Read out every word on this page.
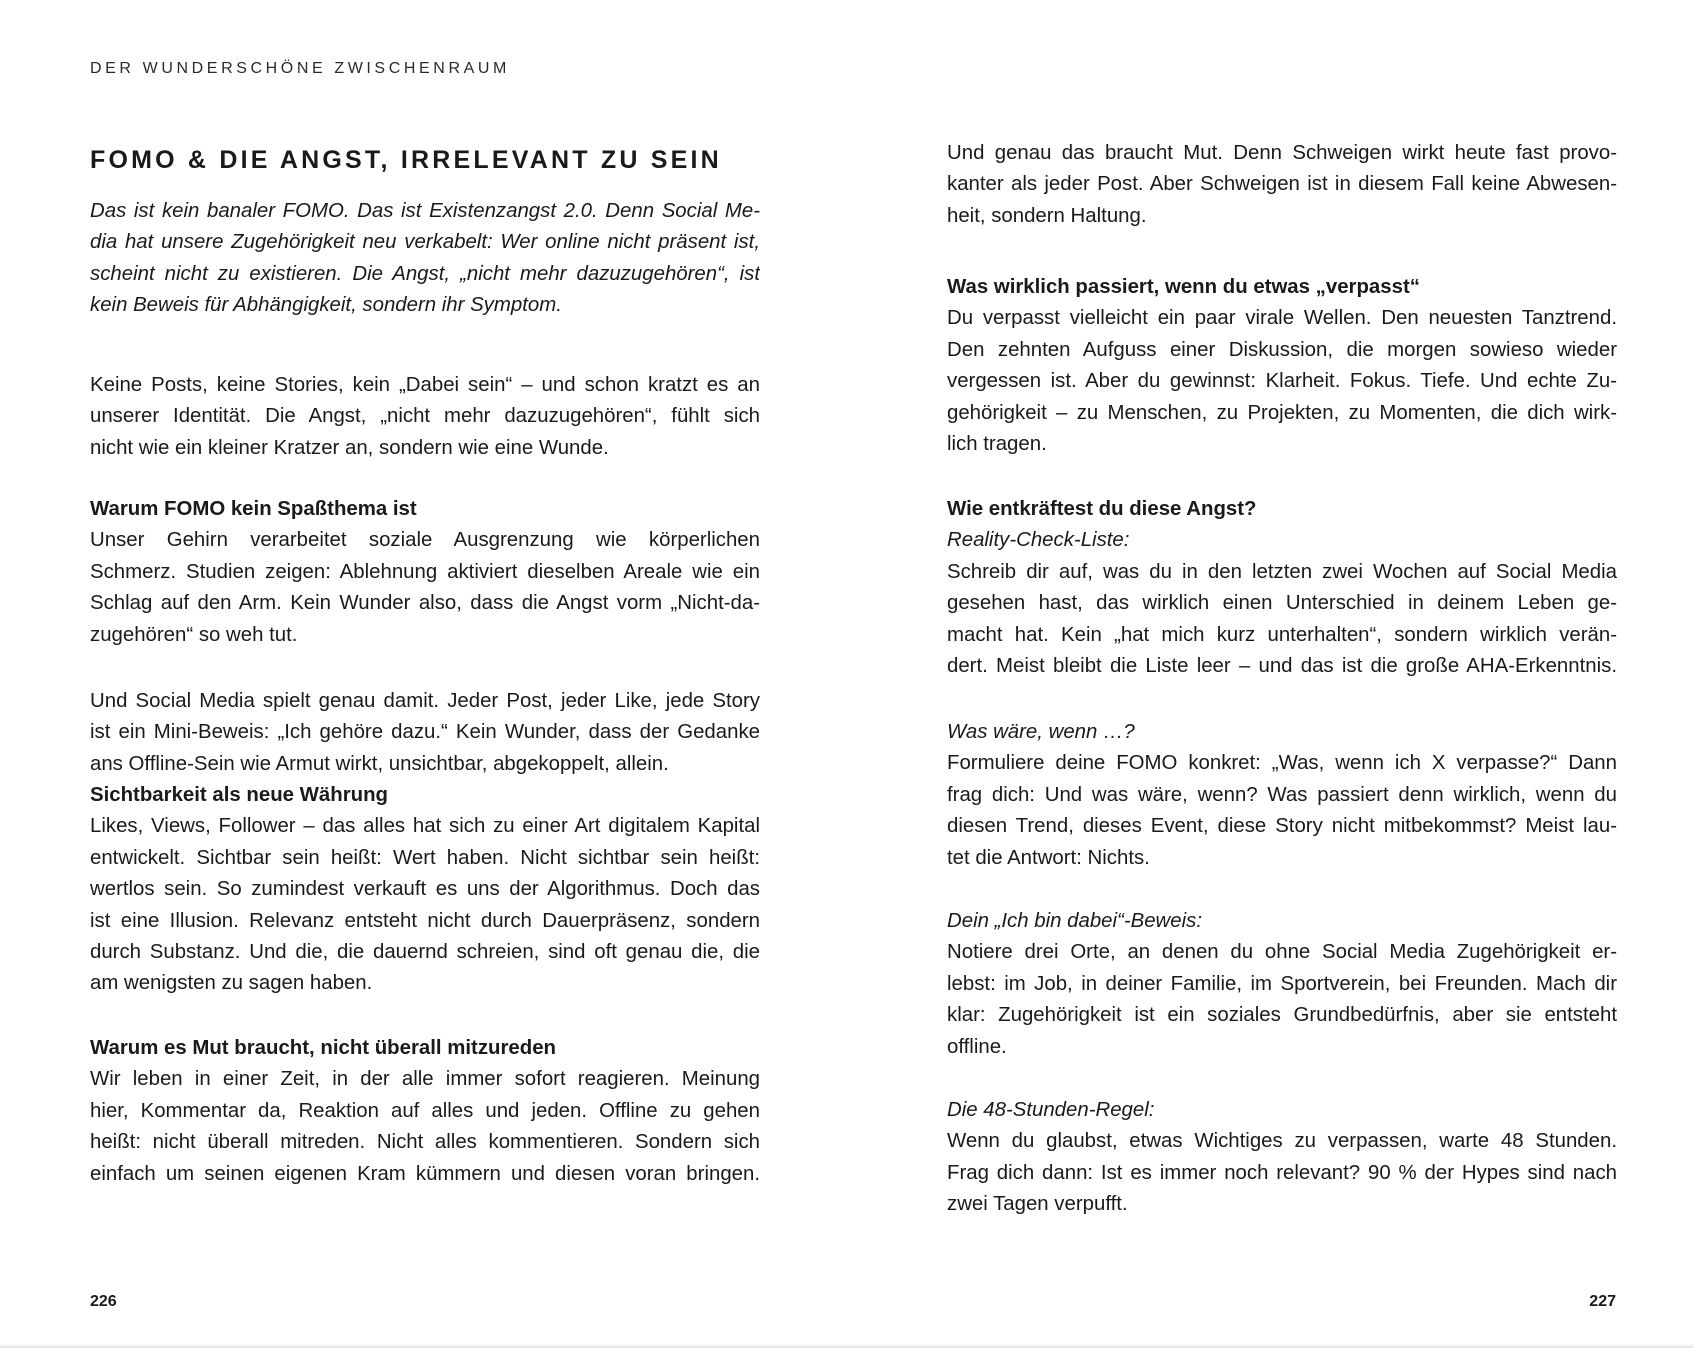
DER WUNDERSCHÖNE ZWISCHENRAUM
FOMO & DIE ANGST, IRRELEVANT ZU SEIN
Das ist kein banaler FOMO. Das ist Existenzangst 2.0. Denn Social Me-
dia hat unsere Zugehörigkeit neu verkabelt: Wer online nicht präsent ist,
scheint nicht zu existieren. Die Angst, „nicht mehr dazuzugehören“, ist
kein Beweis für Abhängigkeit, sondern ihr Symptom.
Keine Posts, keine Stories, kein „Dabei sein“ – und schon kratzt es an
unserer Identität. Die Angst, „nicht mehr dazuzugehören“, fühlt sich
nicht wie ein kleiner Kratzer an, sondern wie eine Wunde.
Warum FOMO kein Spaßthema ist
Unser Gehirn verarbeitet soziale Ausgrenzung wie körperlichen
Schmerz. Studien zeigen: Ablehnung aktiviert dieselben Areale wie ein
Schlag auf den Arm. Kein Wunder also, dass die Angst vorm „Nicht-da-
zugehören“ so weh tut.
Und Social Media spielt genau damit. Jeder Post, jeder Like, jede Story
ist ein Mini-Beweis: „Ich gehöre dazu.“ Kein Wunder, dass der Gedanke
ans Offline-Sein wie Armut wirkt, unsichtbar, abgekoppelt, allein.
Sichtbarkeit als neue Währung
Likes, Views, Follower – das alles hat sich zu einer Art digitalem Kapital
entwickelt. Sichtbar sein heißt: Wert haben. Nicht sichtbar sein heißt:
wertlos sein. So zumindest verkauft es uns der Algorithmus. Doch das
ist eine Illusion. Relevanz entsteht nicht durch Dauerpräsenz, sondern
durch Substanz. Und die, die dauernd schreien, sind oft genau die, die
am wenigsten zu sagen haben.
Warum es Mut braucht, nicht überall mitzureden
Wir leben in einer Zeit, in der alle immer sofort reagieren. Meinung
hier, Kommentar da, Reaktion auf alles und jeden. Offline zu gehen
heißt: nicht überall mitreden. Nicht alles kommentieren. Sondern sich
einfach um seinen eigenen Kram kümmern und diesen voran bringen.
Und genau das braucht Mut. Denn Schweigen wirkt heute fast provo-
kanter als jeder Post. Aber Schweigen ist in diesem Fall keine Abwesen-
heit, sondern Haltung.
Was wirklich passiert, wenn du etwas „verpasst“
Du verpasst vielleicht ein paar virale Wellen. Den neuesten Tanztrend.
Den zehnten Aufguss einer Diskussion, die morgen sowieso wieder
vergessen ist. Aber du gewinnst: Klarheit. Fokus. Tiefe. Und echte Zu-
gehörigkeit – zu Menschen, zu Projekten, zu Momenten, die dich wirk-
lich tragen.
Wie entkräftest du diese Angst?
Reality-Check-Liste:
Schreib dir auf, was du in den letzten zwei Wochen auf Social Media
gesehen hast, das wirklich einen Unterschied in deinem Leben ge-
macht hat. Kein „hat mich kurz unterhalten“, sondern wirklich verän-
dert. Meist bleibt die Liste leer – und das ist die große AHA-Erkenntnis.
Was wäre, wenn …?
Formuliere deine FOMO konkret: „Was, wenn ich X verpasse?“ Dann
frag dich: Und was wäre, wenn? Was passiert denn wirklich, wenn du
diesen Trend, dieses Event, diese Story nicht mitbekommst? Meist lau-
tet die Antwort: Nichts.
Dein „Ich bin dabei“-Beweis:
Notiere drei Orte, an denen du ohne Social Media Zugehörigkeit er-
lebst: im Job, in deiner Familie, im Sportverein, bei Freunden. Mach dir
klar: Zugehörigkeit ist ein soziales Grundbedürfnis, aber sie entsteht
offline.
Die 48-Stunden-Regel:
Wenn du glaubst, etwas Wichtiges zu verpassen, warte 48 Stunden.
Frag dich dann: Ist es immer noch relevant? 90 % der Hypes sind nach
zwei Tagen verpufft.
226	227
